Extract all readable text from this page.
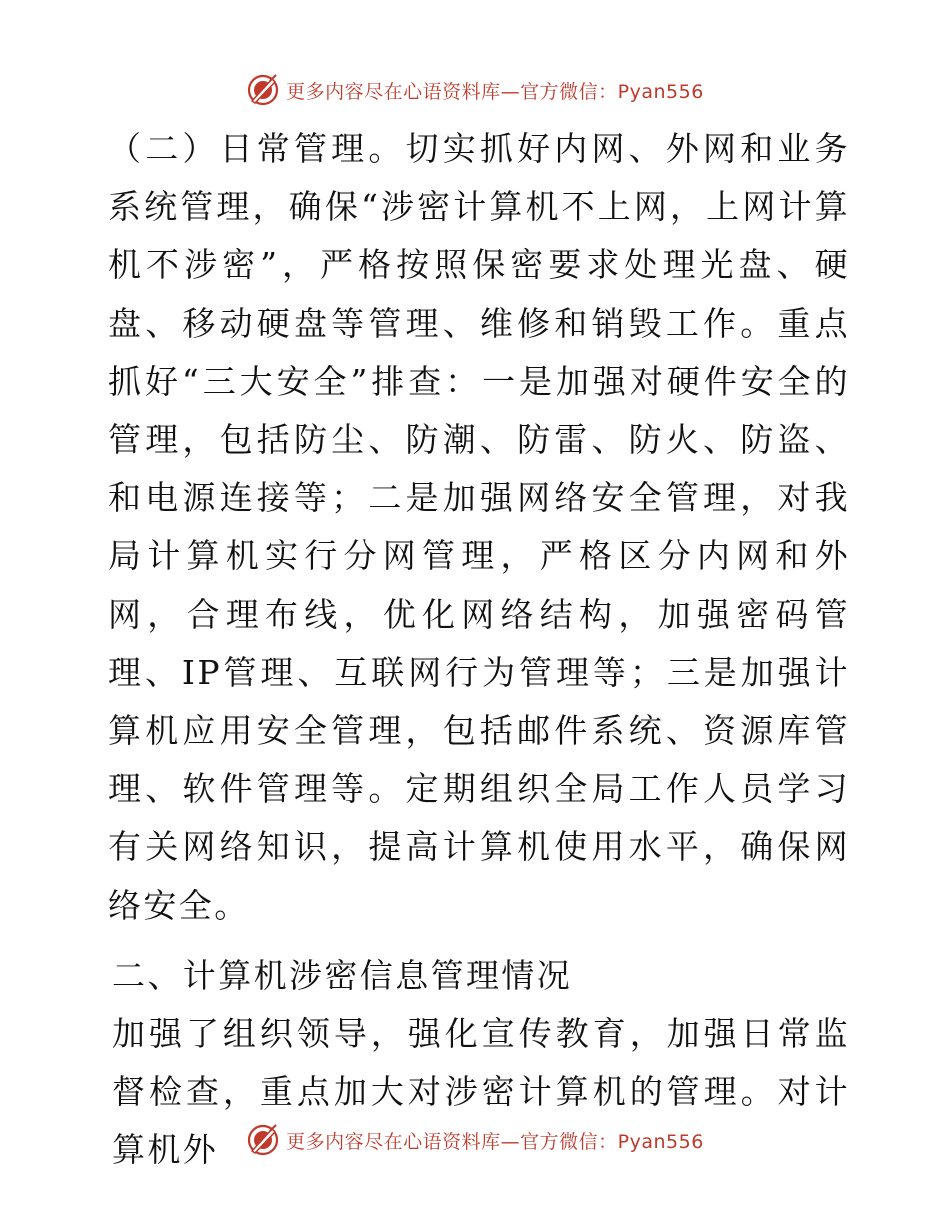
更多内容尽在心语资料库—官方微信：Pyan556

（二）日常管理。切实抓好内网、外网和业务系统管理，确保“涉密计算机不上网，上网计算机不涉密”，严格按照保密要求处理光盘、硬盘、移动硬盘等管理、维修和销毁工作。重点抓好“三大安全”排查：一是加强对硬件安全的管理，包括防尘、防潮、防雷、防火、防盗、和电源连接等；二是加强网络安全管理，对我局计算机实行分网管理，严格区分内网和外网，合理布线，优化网络结构，加强密码管理、IP管理、互联网行为管理等；三是加强计算机应用安全管理，包括邮件系统、资源库管理、软件管理等。定期组织全局工作人员学习有关网络知识，提高计算机使用水平，确保网络安全。

二、计算机涉密信息管理情况

加强了组织领导，强化宣传教育，加强日常监督检查，重点加大对涉密计算机的管理。对计算机外	更多内容尽在心语资料库—官方微信：Pyan556
